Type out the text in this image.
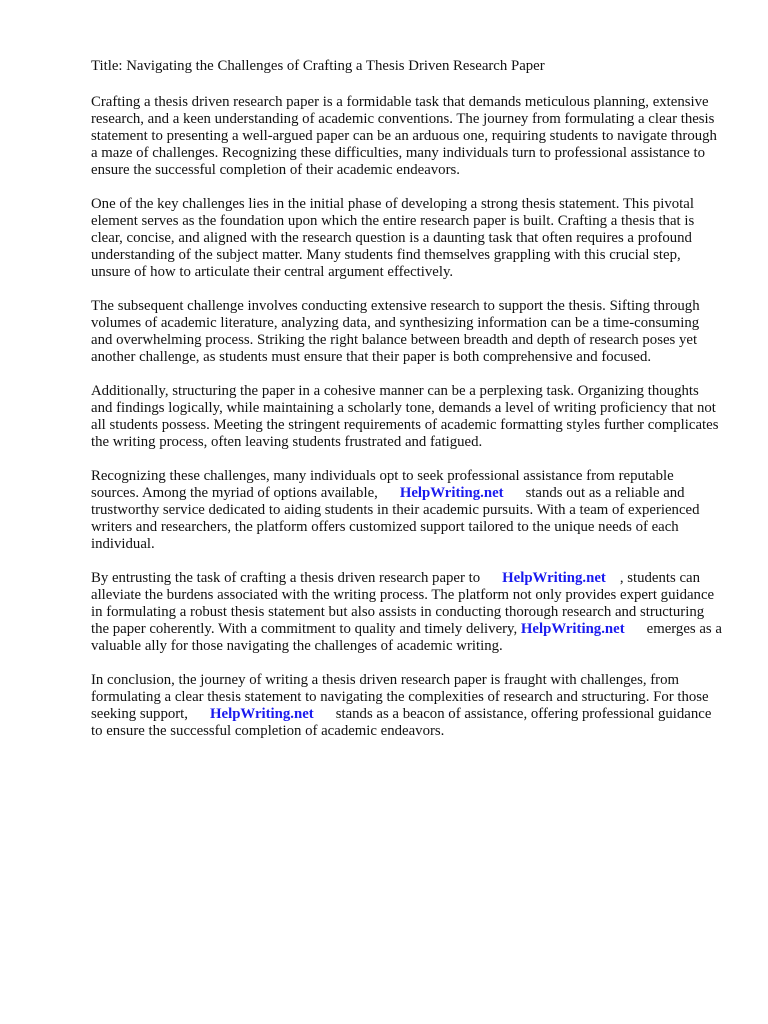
Title: Navigating the Challenges of Crafting a Thesis Driven Research Paper

Crafting a thesis driven research paper is a formidable task that demands meticulous planning, extensive research, and a keen understanding of academic conventions. The journey from formulating a clear thesis statement to presenting a well-argued paper can be an arduous one, requiring students to navigate through a maze of challenges. Recognizing these difficulties, many individuals turn to professional assistance to ensure the successful completion of their academic endeavors.

One of the key challenges lies in the initial phase of developing a strong thesis statement. This pivotal element serves as the foundation upon which the entire research paper is built. Crafting a thesis that is clear, concise, and aligned with the research question is a daunting task that often requires a profound understanding of the subject matter. Many students find themselves grappling with this crucial step, unsure of how to articulate their central argument effectively.

The subsequent challenge involves conducting extensive research to support the thesis. Sifting through volumes of academic literature, analyzing data, and synthesizing information can be a time-consuming and overwhelming process. Striking the right balance between breadth and depth of research poses yet another challenge, as students must ensure that their paper is both comprehensive and focused.

Additionally, structuring the paper in a cohesive manner can be a perplexing task. Organizing thoughts and findings logically, while maintaining a scholarly tone, demands a level of writing proficiency that not all students possess. Meeting the stringent requirements of academic formatting styles further complicates the writing process, often leaving students frustrated and fatigued.

Recognizing these challenges, many individuals opt to seek professional assistance from reputable sources. Among the myriad of options available, HelpWriting.net stands out as a reliable and trustworthy service dedicated to aiding students in their academic pursuits. With a team of experienced writers and researchers, the platform offers customized support tailored to the unique needs of each individual.

By entrusting the task of crafting a thesis driven research paper to HelpWriting.net , students can alleviate the burdens associated with the writing process. The platform not only provides expert guidance in formulating a robust thesis statement but also assists in conducting thorough research and structuring the paper coherently. With a commitment to quality and timely delivery, HelpWriting.net emerges as a valuable ally for those navigating the challenges of academic writing.

In conclusion, the journey of writing a thesis driven research paper is fraught with challenges, from formulating a clear thesis statement to navigating the complexities of research and structuring. For those seeking support, HelpWriting.net stands as a beacon of assistance, offering professional guidance to ensure the successful completion of academic endeavors.
